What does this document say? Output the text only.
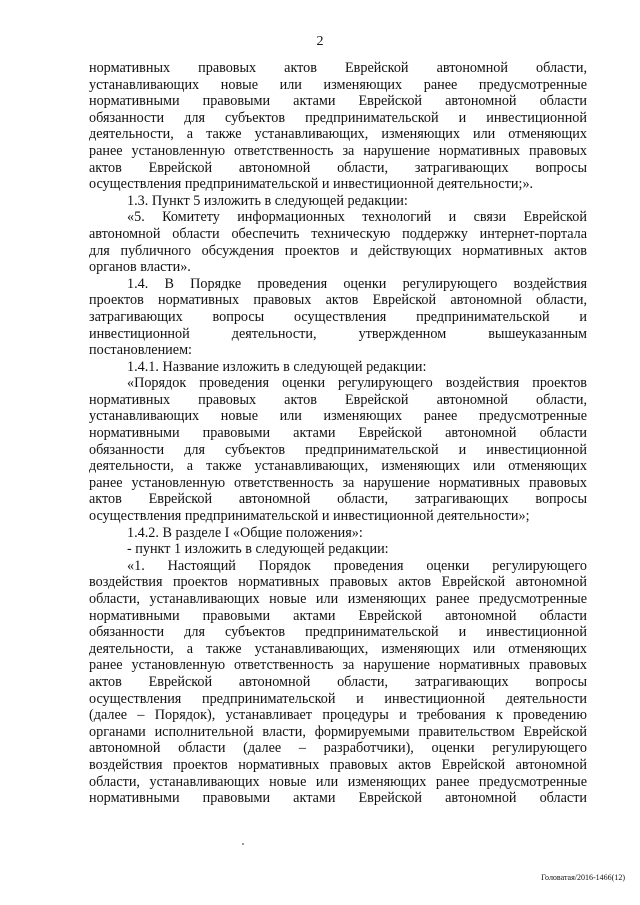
2
нормативных правовых актов Еврейской автономной области,
устанавливающих новые или изменяющих ранее предусмотренные
нормативными правовыми актами Еврейской автономной области
обязанности для субъектов предпринимательской и инвестиционной
деятельности, а также устанавливающих, изменяющих или отменяющих
ранее установленную ответственность за нарушение нормативных правовых
актов Еврейской автономной области, затрагивающих вопросы
осуществления предпринимательской и инвестиционной деятельности;».
1.3. Пункт 5 изложить в следующей редакции:
«5. Комитету информационных технологий и связи Еврейской
автономной области обеспечить техническую поддержку интернет-портала
для публичного обсуждения проектов и действующих нормативных актов
органов власти».
1.4. В Порядке проведения оценки регулирующего воздействия
проектов нормативных правовых актов Еврейской автономной области,
затрагивающих вопросы осуществления предпринимательской и
инвестиционной деятельности, утвержденном вышеуказанным
постановлением:
1.4.1. Название изложить в следующей редакции:
«Порядок проведения оценки регулирующего воздействия проектов
нормативных правовых актов Еврейской автономной области,
устанавливающих новые или изменяющих ранее предусмотренные
нормативными правовыми актами Еврейской автономной области
обязанности для субъектов предпринимательской и инвестиционной
деятельности, а также устанавливающих, изменяющих или отменяющих
ранее установленную ответственность за нарушение нормативных правовых
актов Еврейской автономной области, затрагивающих вопросы
осуществления предпринимательской и инвестиционной деятельности»;
1.4.2. В разделе I «Общие положения»:
- пункт 1 изложить в следующей редакции:
«1. Настоящий Порядок проведения оценки регулирующего
воздействия проектов нормативных правовых актов Еврейской автономной
области, устанавливающих новые или изменяющих ранее предусмотренные
нормативными правовыми актами Еврейской автономной области
обязанности для субъектов предпринимательской и инвестиционной
деятельности, а также устанавливающих, изменяющих или отменяющих
ранее установленную ответственность за нарушение нормативных правовых
актов Еврейской автономной области, затрагивающих вопросы
осуществления предпринимательской и инвестиционной деятельности
(далее – Порядок), устанавливает процедуры и требования к проведению
органами исполнительной власти, формируемыми правительством Еврейской
автономной области (далее – разработчики), оценки регулирующего
воздействия проектов нормативных правовых актов Еврейской автономной
области, устанавливающих новые или изменяющих ранее предусмотренные
нормативными правовыми актами Еврейской автономной области
Головатая/2016-1466(12)
